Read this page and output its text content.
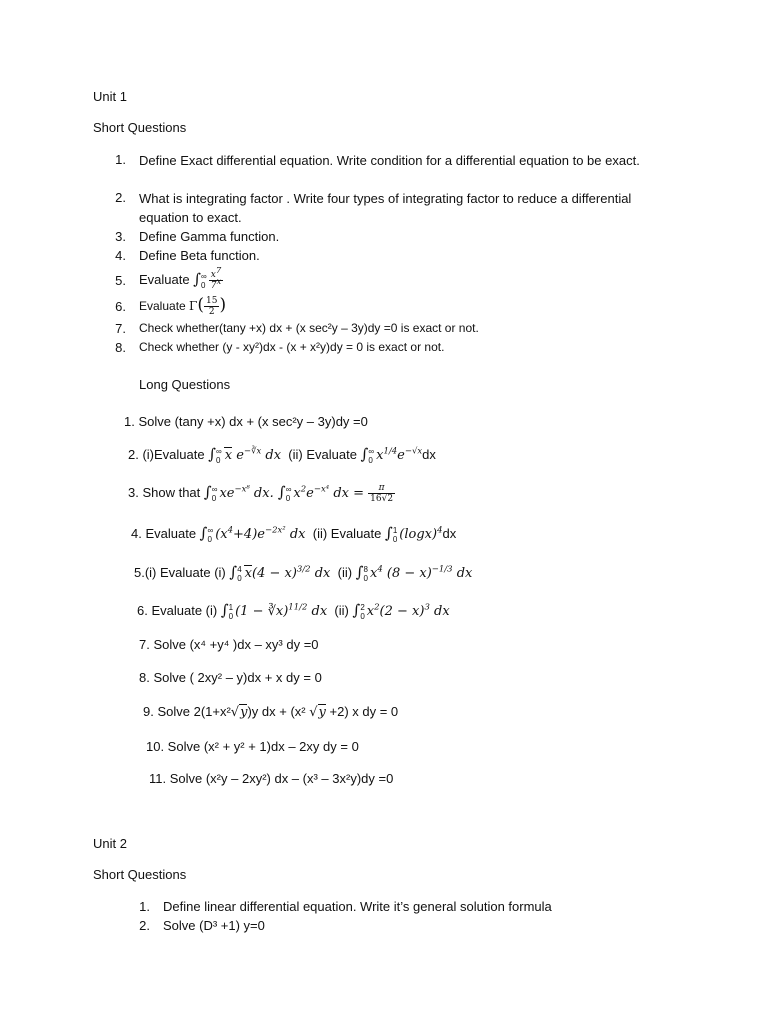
Unit 1
Short Questions
1. Define Exact differential equation. Write condition for a differential equation to be exact.
2. What is integrating factor . Write four types of integrating factor to reduce a differential equation to exact.
3. Define Gamma function.
4. Define Beta function.
5. Evaluate ∫ ∞
$0 \frac{x^7}{7^x}$
6. Evaluate $\Gamma( \frac{15}{2}$ )
7. Check whether(tany +x) dx + (x sec²y – 3y)dy =0 is exact or not.
8. Check whether (y - xy²)dx - (x + x²y)dy = 0 is exact or not.
Long Questions
1. Solve (tany +x) dx + (x sec²y – 3y)dy =0
2. (i)Evaluate ∫ ∞
0 x $e^{-∛x}$ dx (ii) Evaluate ∫ ∞
0 $x^{1/4}e^{-√x}dx$
3. Show that ∫ ∞
0 $xe^{-x^8}$ dx. ∫ ∞
0 $x^2e^{-x^4}$ dx = $\frac{\pi}{16√2}$
4. Evaluate ∫ ∞
0 $(x^4+4)e^{-2x^2}$ dx (ii) Evaluate ∫ 1
0 $(\log x)^4dx$
5.(i) Evaluate (i) ∫ 4
0 $x(4 - x)^{3/2}$ dx (ii) ∫ 8
0 $x^4$ $(8 - x)^{-1/3}$ dx
6. Evaluate (i) ∫ 1
0 (1 − ∛x)$^{11/2}$ dx (ii) ∫ 2
0 $x^2(2 - x)^3$ dx
7. Solve (x⁴ +y⁴ )dx – xy³ dy =0
8. Solve ( 2xy² – y)dx + x dy = 0
9. Solve 2(1+x²√y)y dx + (x² √y +2) x dy = 0
10. Solve (x² + y² + 1)dx – 2xy dy = 0
11. Solve (x²y – 2xy²) dx – (x³ – 3x²y)dy =0
Unit 2
Short Questions
1. Define linear differential equation. Write it’s general solution formula
2. Solve (D³ +1) y=0
